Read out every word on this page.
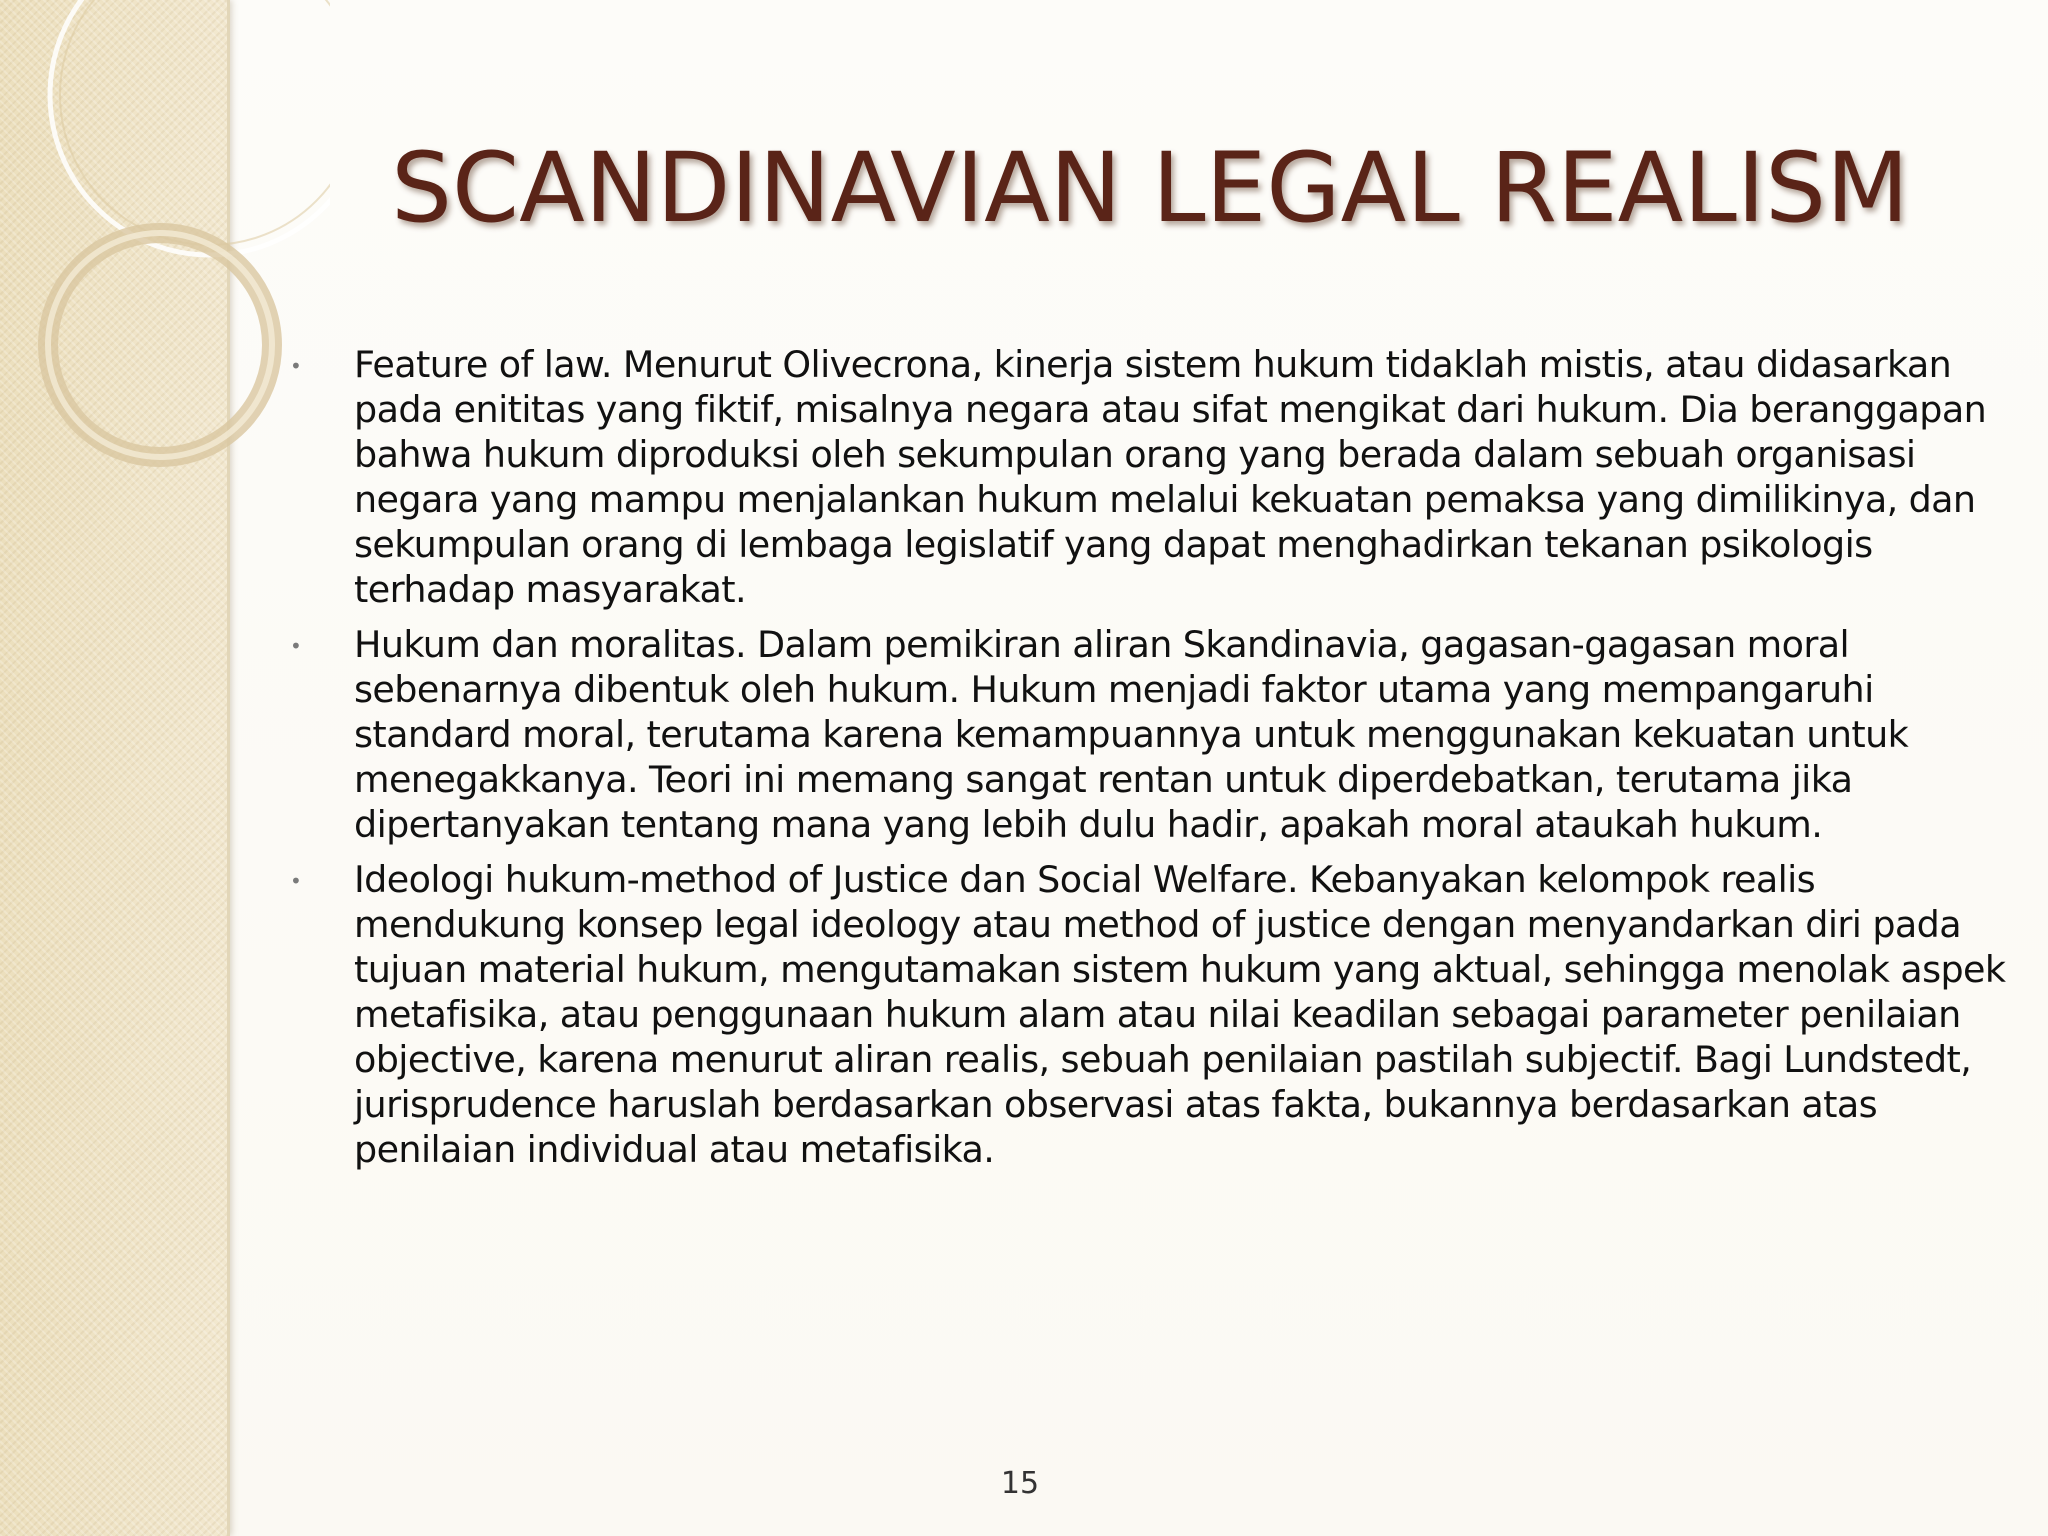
SCANDINAVIAN LEGAL REALISM
• Feature of law. Menurut Olivecrona, kinerja sistem hukum tidaklah mistis, atau didasarkan pada enititas yang fiktif, misalnya negara atau sifat mengikat dari hukum. Dia beranggapan bahwa hukum diproduksi oleh sekumpulan orang yang berada dalam sebuah organisasi negara yang mampu menjalankan hukum melalui kekuatan pemaksa yang dimilikinya, dan sekumpulan orang di lembaga legislatif yang dapat menghadirkan tekanan psikologis terhadap masyarakat.
• Hukum dan moralitas. Dalam pemikiran aliran Skandinavia, gagasan-gagasan moral sebenarnya dibentuk oleh hukum. Hukum menjadi faktor utama yang mempangaruhi standard moral, terutama karena kemampuannya untuk menggunakan kekuatan untuk menegakkanya. Teori ini memang sangat rentan untuk diperdebatkan, terutama jika dipertanyakan tentang mana yang lebih dulu hadir, apakah moral ataukah hukum.
• Ideologi hukum-method of Justice dan Social Welfare. Kebanyakan kelompok realis mendukung konsep legal ideology atau method of justice dengan menyandarkan diri pada tujuan material hukum, mengutamakan sistem hukum yang aktual, sehingga menolak aspek metafisika, atau penggunaan hukum alam atau nilai keadilan sebagai parameter penilaian objective, karena menurut aliran realis, sebuah penilaian pastilah subjectif. Bagi Lundstedt, jurisprudence haruslah berdasarkan observasi atas fakta, bukannya berdasarkan atas penilaian individual atau metafisika.
15
